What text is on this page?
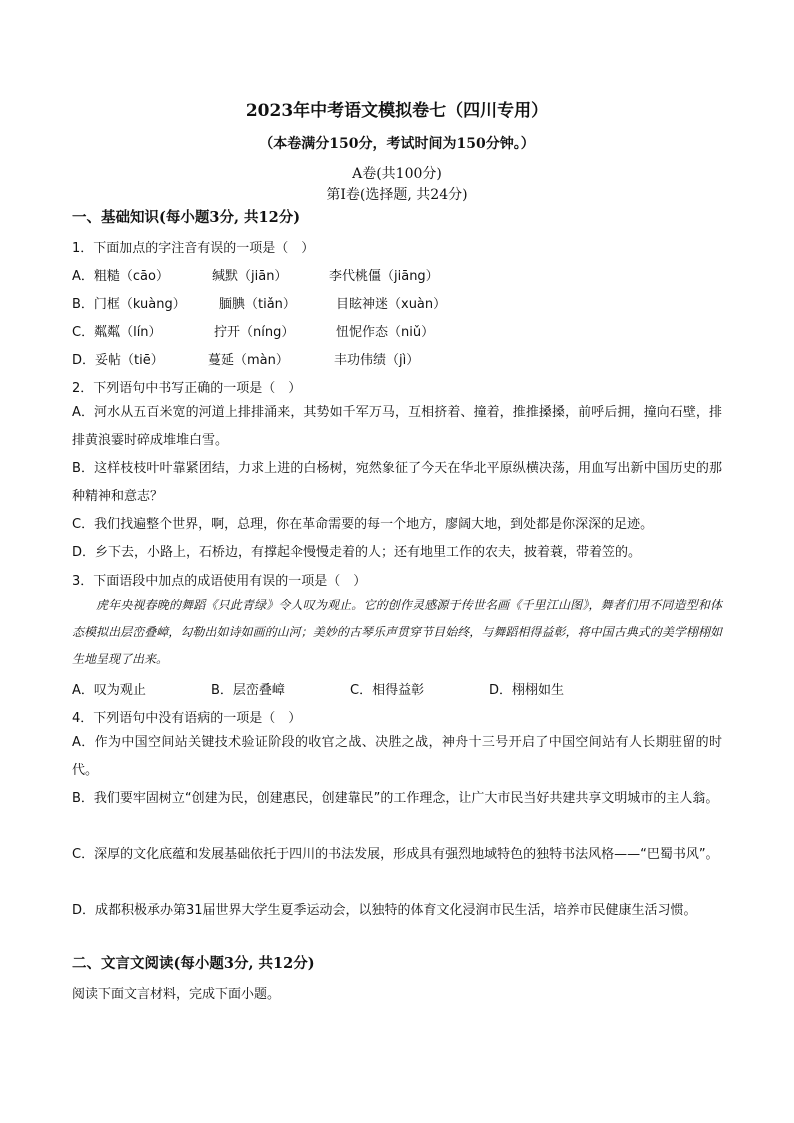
2023年中考语文模拟卷七（四川专用）
（本卷满分150分，考试时间为150分钟。）
A卷(共100分)
第Ⅰ卷(选择题, 共24分)
一、基础知识(每小题3分, 共12分)
1．下面加点的字注音有误的一项是（　）
A．粗糙（cāo）	缄默（jiān）	李代桃僵（jiāng）
B．门框（kuàng）	腼腆（tiǎn）	目眩神迷（xuàn）
C．粼粼（lín）	拧开（níng）	忸怩作态（niǔ）
D．妥帖（tiē）	蔓延（màn）	丰功伟绩（jì）
2．下列语句中书写正确的一项是（　）
A．河水从五百米宽的河道上排排涌来，其势如千军万马，互相挤着、撞着，推推搡搡，前呼后拥，撞向石壁，排排黄浪霎时碎成堆堆白雪。
B．这样枝枝叶叶靠紧团结，力求上进的白杨树，宛然象征了今天在华北平原纵横决荡，用血写出新中国历史的那种精神和意志？
C．我们找遍整个世界，啊，总理，你在革命需要的每一个地方，廖阔大地，到处都是你深深的足迹。
D．乡下去，小路上，石桥边，有撑起伞慢慢走着的人；还有地里工作的农夫，披着蓑，带着笠的。
3．下面语段中加点的成语使用有误的一项是（　）
虎年央视春晚的舞蹈《只此青绿》令人叹为观止。它的创作灵感源于传世名画《千里江山图》，舞者们用不同造型和体态模拟出层峦叠嶂，勾勒出如诗如画的山河；美妙的古琴乐声贯穿节目始终，与舞蹈相得益彰，将中国古典式的美学栩栩如生地呈现了出来。
A．叹为观止	B．层峦叠嶂	C．相得益彰	D．栩栩如生
4．下列语句中没有语病的一项是（　）
A．作为中国空间站关键技术验证阶段的收官之战、决胜之战，神舟十三号开启了中国空间站有人长期驻留的时代。
B．我们要牢固树立“创建为民，创建惠民，创建靠民”的工作理念，让广大市民当好共建共享文明城市的主人翁。
C．深厚的文化底蕴和发展基础依托于四川的书法发展，形成具有强烈地域特色的独特书法风格——“巴蜀书风”。
D．成都积极承办第31届世界大学生夏季运动会，以独特的体育文化浸润市民生活，培养市民健康生活习惯。
二、文言文阅读(每小题3分, 共12分)
阅读下面文言材料，完成下面小题。
